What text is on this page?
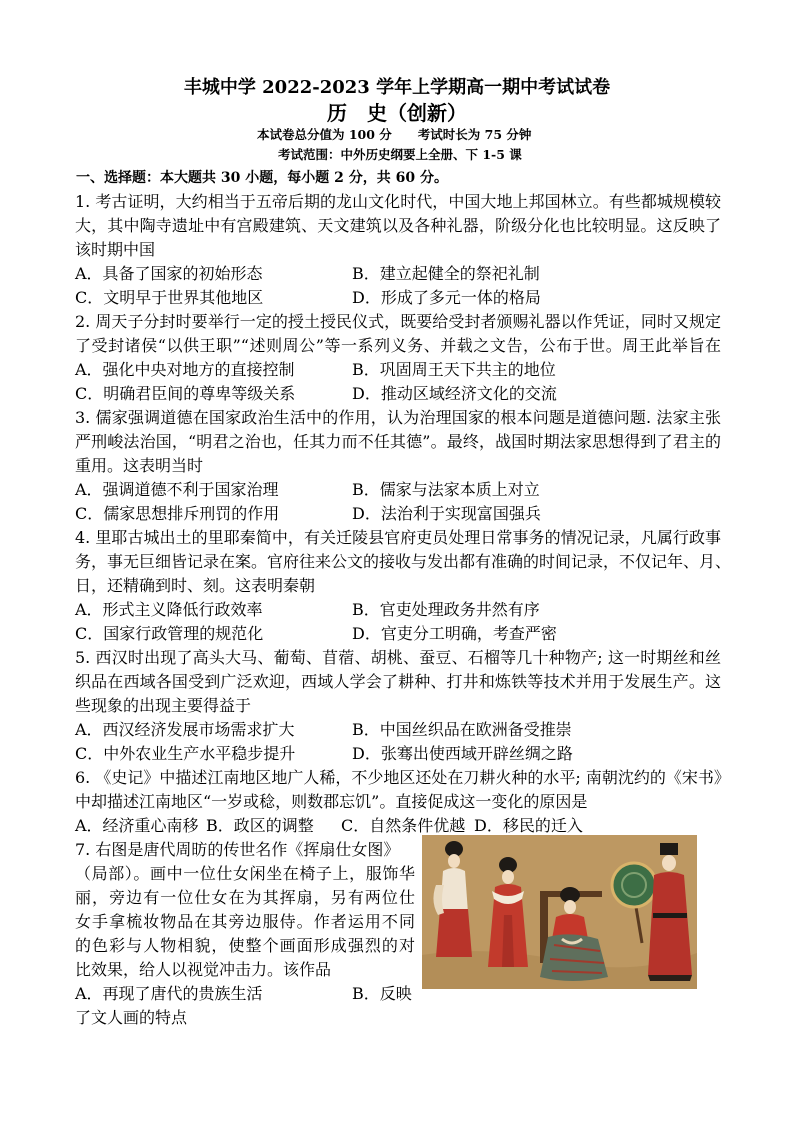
丰城中学 2022-2023 学年上学期高一期中考试试卷
历　史（创新）
本试卷总分值为 100 分 考试时长为 75 分钟
考试范围：中外历史纲要上全册、下 1-5 课
一、选择题：本大题共 30 小题，每小题 2 分，共 60 分。
1. 考古证明，大约相当于五帝后期的龙山文化时代，中国大地上邦国林立。有些都城规模较
大，其中陶寺遗址中有宫殿建筑、天文建筑以及各种礼器，阶级分化也比较明显。这反映了
该时期中国
A．具备了国家的初始形态	B．建立起健全的祭祀礼制
C．文明早于世界其他地区	D．形成了多元一体的格局
2. 周天子分封时要举行一定的授土授民仪式，既要给受封者颁赐礼器以作凭证，同时又规定
了受封诸侯“以供王职”“述则周公”等一系列义务、并载之文告，公布于世。周王此举旨在
A．强化中央对地方的直接控制	B．巩固周王天下共主的地位
C．明确君臣间的尊卑等级关系	D．推动区域经济文化的交流
3. 儒家强调道德在国家政治生活中的作用，认为治理国家的根本问题是道德问题. 法家主张
严刑峻法治国，“明君之治也，任其力而不任其德”。最终，战国时期法家思想得到了君主的
重用。这表明当时
A．强调道德不利于国家治理	B．儒家与法家本质上对立
C．儒家思想排斥刑罚的作用	D．法治利于实现富国强兵
4. 里耶古城出土的里耶秦简中，有关迁陵县官府吏员处理日常事务的情况记录，凡属行政事
务，事无巨细皆记录在案。官府往来公文的接收与发出都有准确的时间记录，不仅记年、月、
日，还精确到时、刻。这表明秦朝
A．形式主义降低行政效率	B．官吏处理政务井然有序
C．国家行政管理的规范化	D．官吏分工明确，考查严密
5. 西汉时出现了高头大马、葡萄、苜蓿、胡桃、蚕豆、石榴等几十种物产; 这一时期丝和丝
织品在西域各国受到广泛欢迎，西域人学会了耕种、打井和炼铁等技术并用于发展生产。这
些现象的出现主要得益于
A．西汉经济发展市场需求扩大	B．中国丝织品在欧洲备受推崇
C．中外农业生产水平稳步提升	D．张骞出使西域开辟丝绸之路
6. 《史记》中描述江南地区地广人稀，不少地区还处在刀耕火种的水平; 南朝沈约的《宋书》
中却描述江南地区“一岁或稔，则数郡忘饥”。直接促成这一变化的原因是
A．经济重心南移 B．政区的调整 C．自然条件优越 D．移民的迁入
7. 右图是唐代周昉的传世名作《挥扇仕女图》
（局部）。画中一位仕女闲坐在椅子上，服饰华
丽，旁边有一位仕女在为其挥扇，另有两位仕
女手拿梳妆物品在其旁边服侍。作者运用不同
的色彩与人物相貌，使整个画面形成强烈的对
比效果，给人以视觉冲击力。该作品
A．再现了唐代的贵族生活	B．反映
了文人画的特点
